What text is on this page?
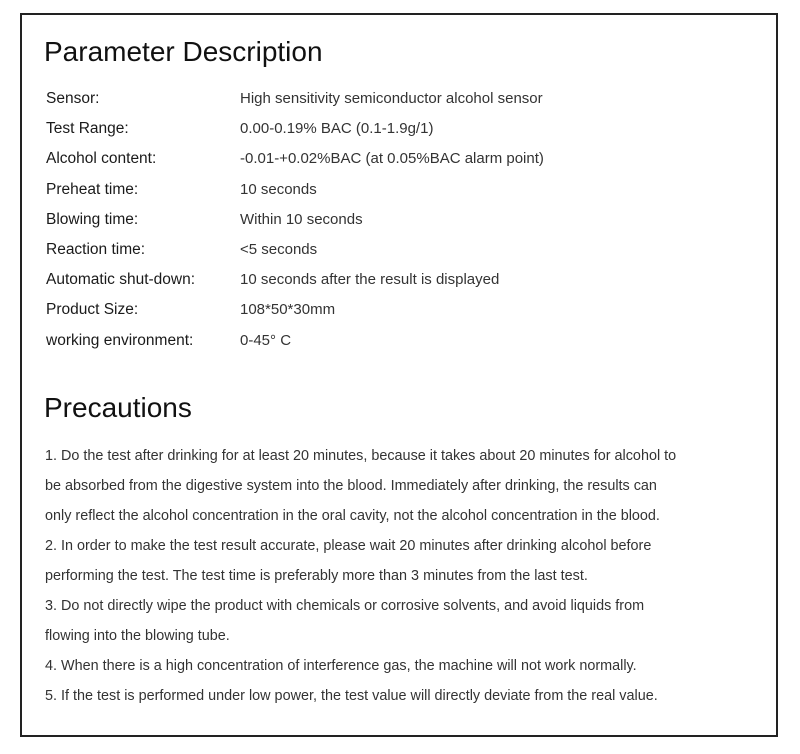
Parameter Description
Sensor:	High sensitivity semiconductor alcohol sensor
Test Range:	0.00-0.19% BAC (0.1-1.9g/1)
Alcohol content:	-0.01-+0.02%BAC (at 0.05%BAC alarm point)
Preheat time:	10 seconds
Blowing time:	Within 10 seconds
Reaction time:	<5 seconds
Automatic shut-down:	10 seconds after the result is displayed
Product Size:	108*50*30mm
working environment:	0-45° C
Precautions
1. Do the test after drinking for at least 20 minutes, because it takes about 20 minutes for alcohol to
be absorbed from the digestive system into the blood. Immediately after drinking, the results can
only reflect the alcohol concentration in the oral cavity, not the alcohol concentration in the blood.
2. In order to make the test result accurate, please wait 20 minutes after drinking alcohol before
performing the test. The test time is preferably more than 3 minutes from the last test.
3. Do not directly wipe the product with chemicals or corrosive solvents, and avoid liquids from
flowing into the blowing tube.
4. When there is a high concentration of interference gas, the machine will not work normally.
5. If the test is performed under low power, the test value will directly deviate from the real value.
